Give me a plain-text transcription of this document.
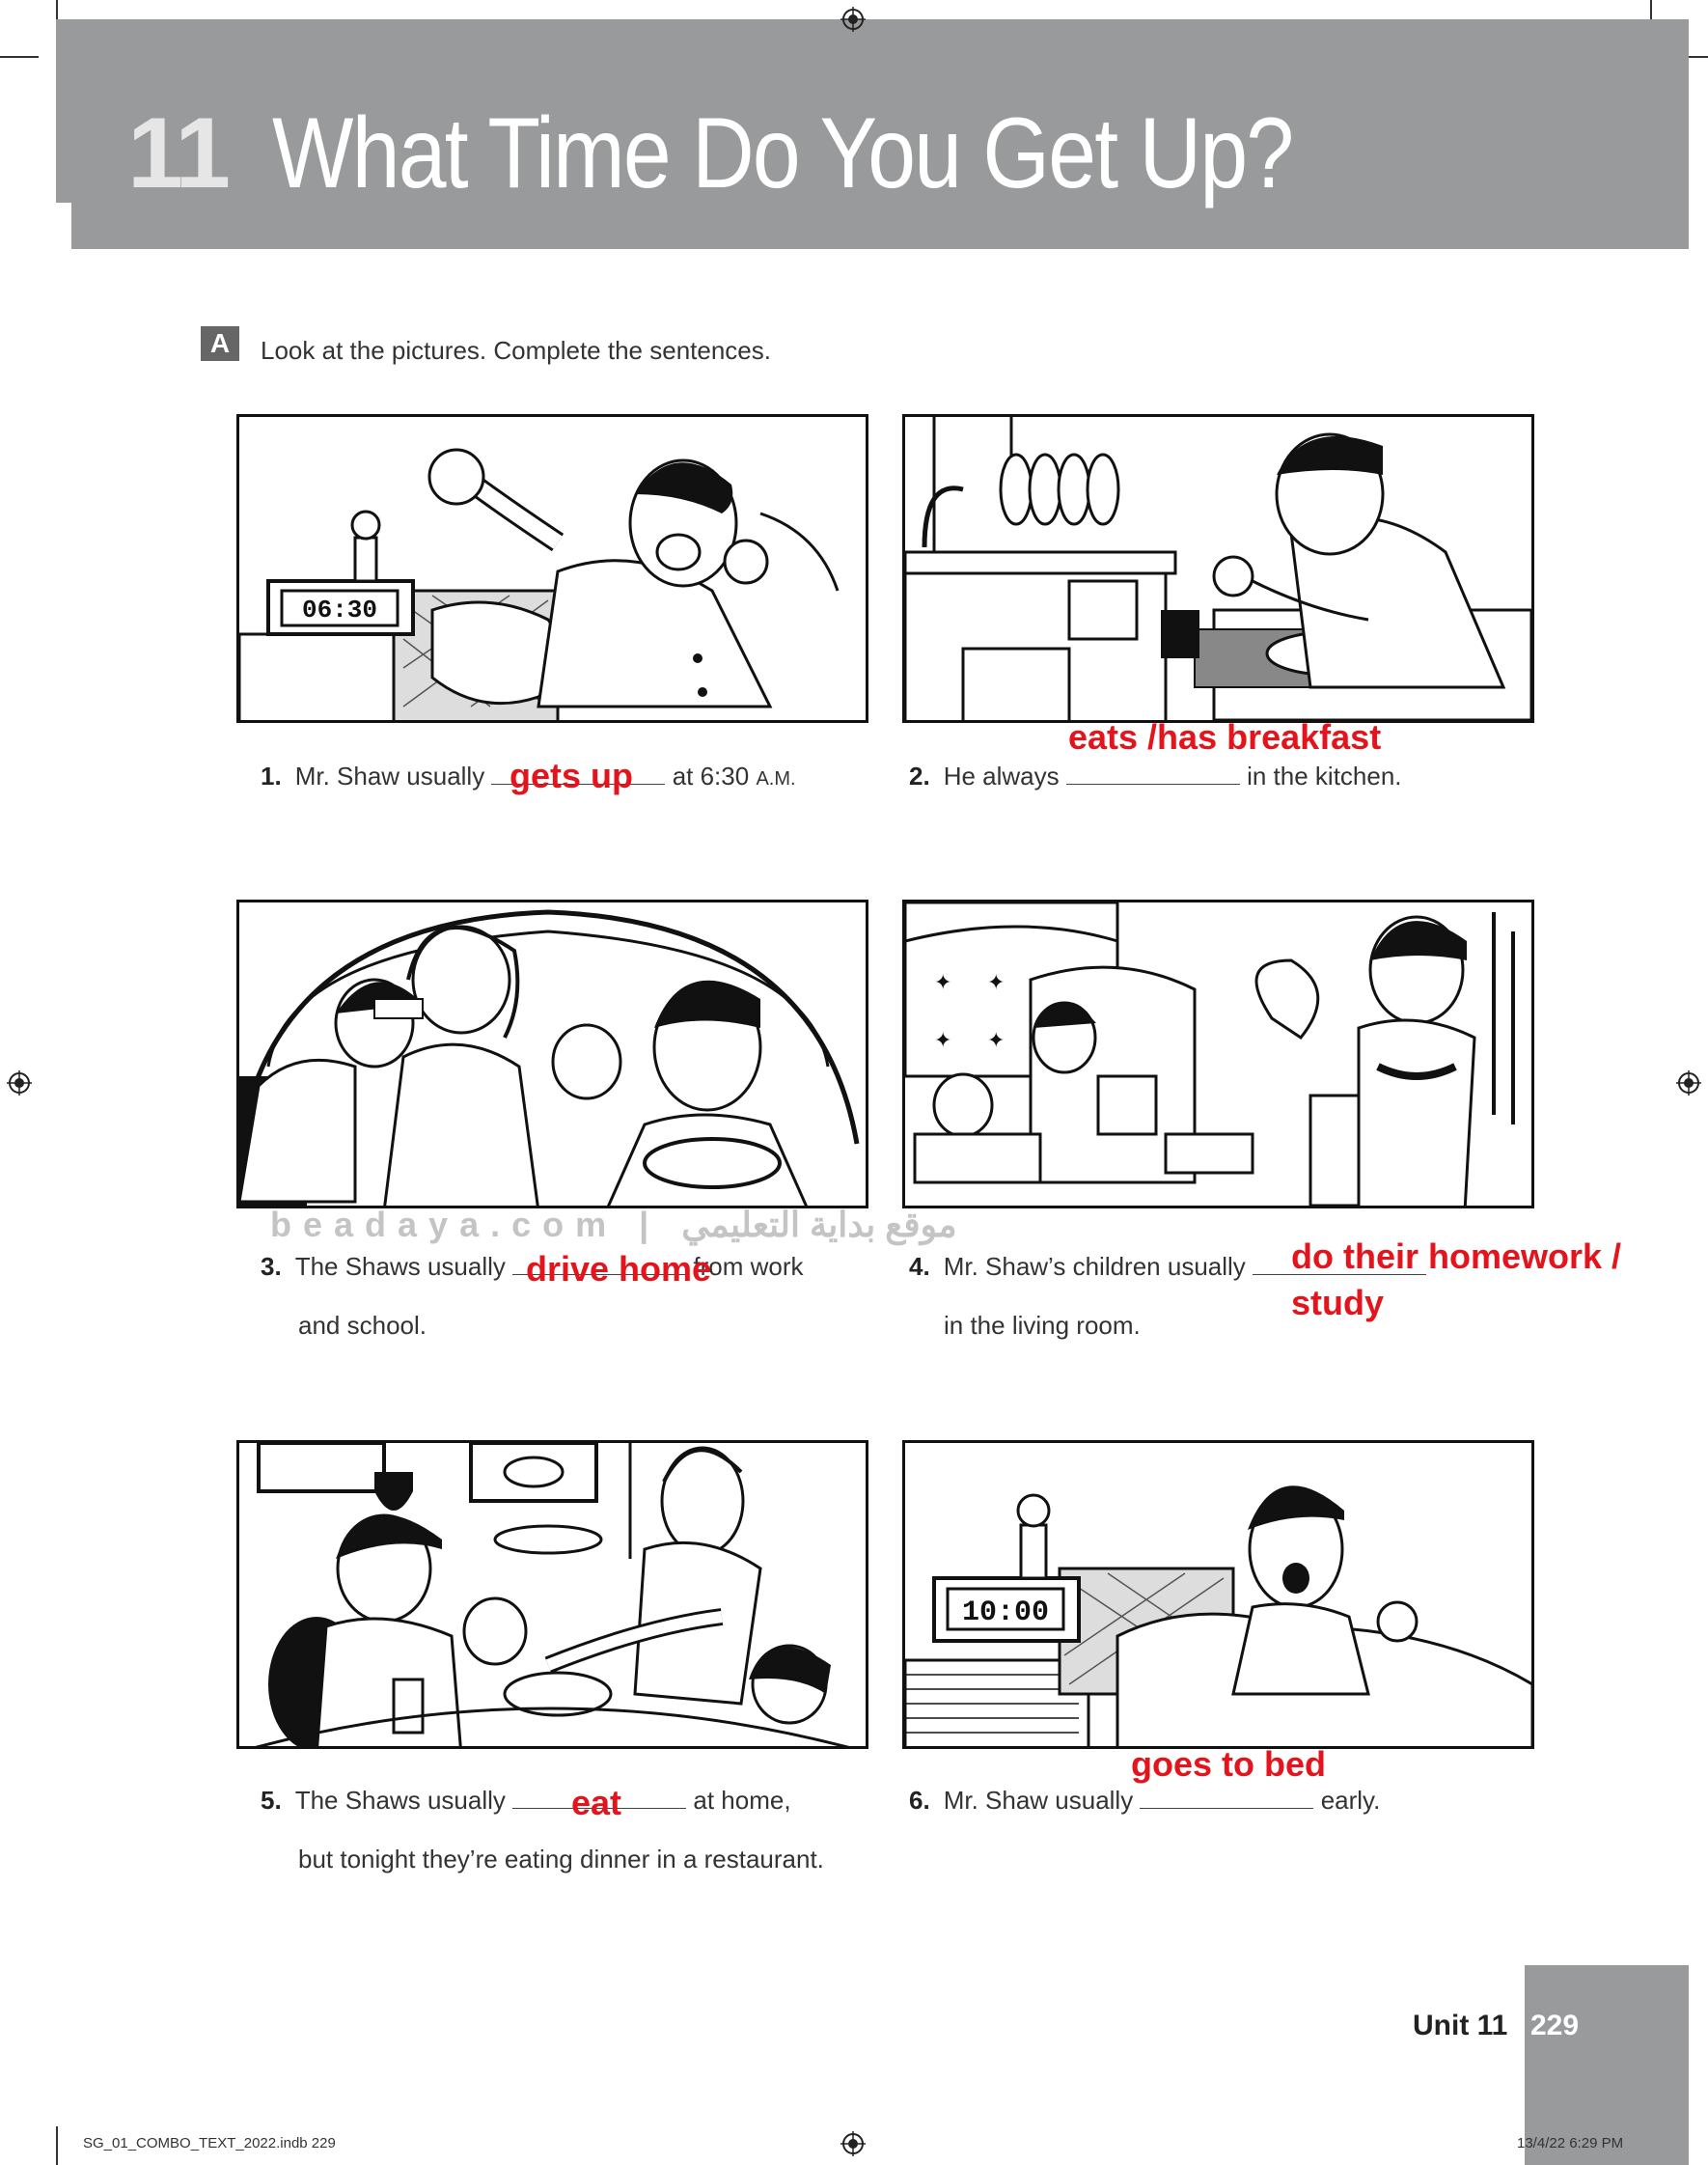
11 What Time Do You Get Up?
A	Look at the pictures. Complete the sentences.
06:30
✦ ✦
✦ ✦
10:00
beadaya.com | موقع بداية التعليمي
1. Mr. Shaw usually	at 6:30 A.M.
gets up	2. He always	in the kitchen.
eats /has breakfast
3. The Shaws usually	from work
and school.
drive home	4. Mr. Shaw’s children usually
in the living room.
do their homework /
study
5. The Shaws usually	at home,
but tonight they’re eating dinner in a restaurant.
eat	6. Mr. Shaw usually	early.
goes to bed
Unit 11 229
SG_01_COMBO_TEXT_2022.indb 229	13/4/22 6:29 PM
